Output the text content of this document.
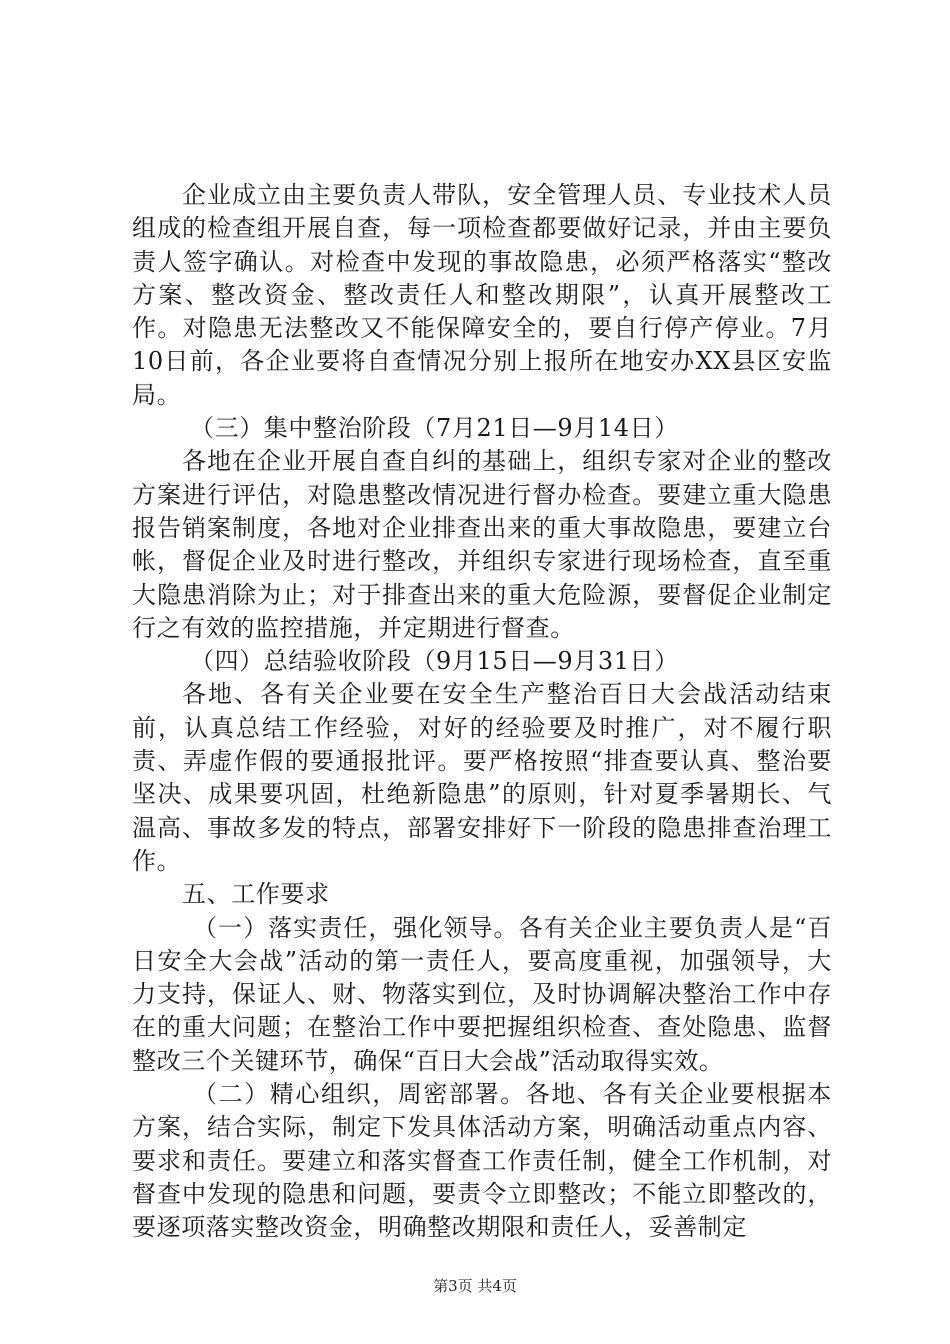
企业成立由主要负责人带队，安全管理人员、专业技术人员组成的检查组开展自查，每一项检查都要做好记录，并由主要负责人签字确认。对检查中发现的事故隐患，必须严格落实“整改方案、整改资金、整改责任人和整改期限”，认真开展整改工作。对隐患无法整改又不能保障安全的，要自行停产停业。7月10日前，各企业要将自查情况分别上报所在地安办XX县区安监局。

（三）集中整治阶段（7月21日—9月14日）

各地在企业开展自查自纠的基础上，组织专家对企业的整改方案进行评估，对隐患整改情况进行督办检查。要建立重大隐患报告销案制度，各地对企业排查出来的重大事故隐患，要建立台帐，督促企业及时进行整改，并组织专家进行现场检查，直至重大隐患消除为止；对于排查出来的重大危险源，要督促企业制定行之有效的监控措施，并定期进行督查。

（四）总结验收阶段（9月15日—9月31日）

各地、各有关企业要在安全生产整治百日大会战活动结束前，认真总结工作经验，对好的经验要及时推广，对不履行职责、弄虚作假的要通报批评。要严格按照“排查要认真、整治要坚决、成果要巩固，杜绝新隐患”的原则，针对夏季暑期长、气温高、事故多发的特点，部署安排好下一阶段的隐患排查治理工作。

五、工作要求

（一）落实责任，强化领导。各有关企业主要负责人是“百日安全大会战”活动的第一责任人，要高度重视，加强领导，大力支持，保证人、财、物落实到位，及时协调解决整治工作中存在的重大问题；在整治工作中要把握组织检查、查处隐患、监督整改三个关键环节，确保“百日大会战”活动取得实效。

（二）精心组织，周密部署。各地、各有关企业要根据本方案，结合实际，制定下发具体活动方案，明确活动重点内容、要求和责任。要建立和落实督查工作责任制，健全工作机制，对督查中发现的隐患和问题，要责令立即整改；不能立即整改的，要逐项落实整改资金，明确整改期限和责任人，妥善制定

第3页 共4页
